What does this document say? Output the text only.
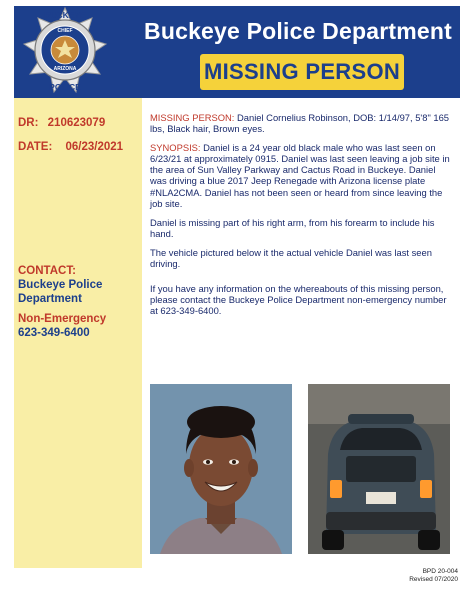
Buckeye Police Department
MISSING PERSON
BUCKEYE
CHIEF
ARIZONA
POLICE
DR: 210623079
DATE: 06/23/2021
CONTACT:
Buckeye Police
Department
Non-Emergency
623-349-6400

MISSING PERSON: Daniel Cornelius Robinson, DOB: 1/14/97, 5'8" 165 lbs, Black hair, Brown eyes.

SYNOPSIS: Daniel is a 24 year old black male who was last seen on 6/23/21 at approximately 0915. Daniel was last seen leaving a job site in the area of Sun Valley Parkway and Cactus Road in Buckeye. Daniel was driving a blue 2017 Jeep Renegade with Arizona license plate #NLA2CMA. Daniel has not been seen or heard from since leaving the job site.

Daniel is missing part of his right arm, from his forearm to include his hand.

The vehicle pictured below it the actual vehicle Daniel was last seen driving.

If you have any information on the whereabouts of this missing person, please contact the Buckeye Police Department non-emergency number at 623-349-6400.

BPD 20-004
Revised 07/2020
